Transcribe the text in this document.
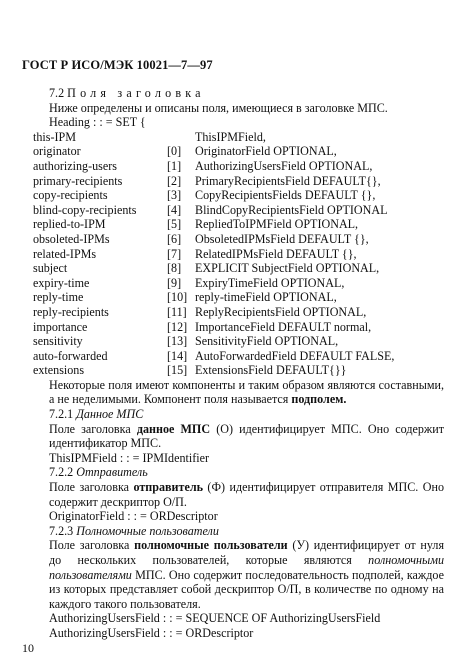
ГОСТ Р ИСО/МЭК 10021—7—97
7.2 Поля заголовка
Ниже определены и описаны поля, имеющиеся в заголовке МПС.
Heading : : = SET {
this-IPM	ThisIPMField,
originator	[0]	OriginatorField OPTIONAL,
authorizing-users	[1]	AuthorizingUsersField OPTIONAL,
primary-recipients	[2]	PrimaryRecipientsField DEFAULT{},
copy-recipients	[3]	CopyRecipientsFields DEFAULT {},
blind-copy-recipients	[4]	BlindCopyRecipientsField OPTIONAL
replied-to-IPM	[5]	RepliedToIPMField OPTIONAL,
obsoleted-IPMs	[6]	ObsoletedIPMsField DEFAULT {},
related-IPMs	[7]	RelatedIPMsField DEFAULT {},
subject	[8]	EXPLICIT SubjectField OPTIONAL,
expiry-time	[9]	ExpiryTimeField OPTIONAL,
reply-time	[10] reply-timeField OPTIONAL,
reply-recipients	[11] ReplyRecipientsField OPTIONAL,
importance	[12] ImportanceField DEFAULT normal,
sensitivity	[13] SensitivityField OPTIONAL,
auto-forwarded	[14] AutoForwardedField DEFAULT FALSE,
extensions	[15] ExtensionsField DEFAULT{}}
Некоторые поля имеют компоненты и таким образом являются составными, а не неделимыми. Компонент поля называется подполем.
7.2.1 Данное МПС
Поле заголовка данное МПС (О) идентифицирует МПС. Оно содержит идентификатор МПС.
ThisIPMField : : = IPMIdentifier
7.2.2 Отправитель
Поле заголовка отправитель (Ф) идентифицирует отправителя МПС. Оно содержит дескриптор О/П.
OriginatorField : : = ORDescriptor
7.2.3 Полномочные пользователи
Поле заголовка полномочные пользователи (У) идентифицирует от нуля до нескольких пользователей, которые являются полномочными пользователями МПС. Оно содержит последовательность подполей, каждое из которых представляет собой дескриптор О/П, в количестве по одному на каждого такого пользователя.
AuthorizingUsersField : : = SEQUENCE OF AuthorizingUsersField
AuthorizingUsersField : : = ORDescriptor
10
